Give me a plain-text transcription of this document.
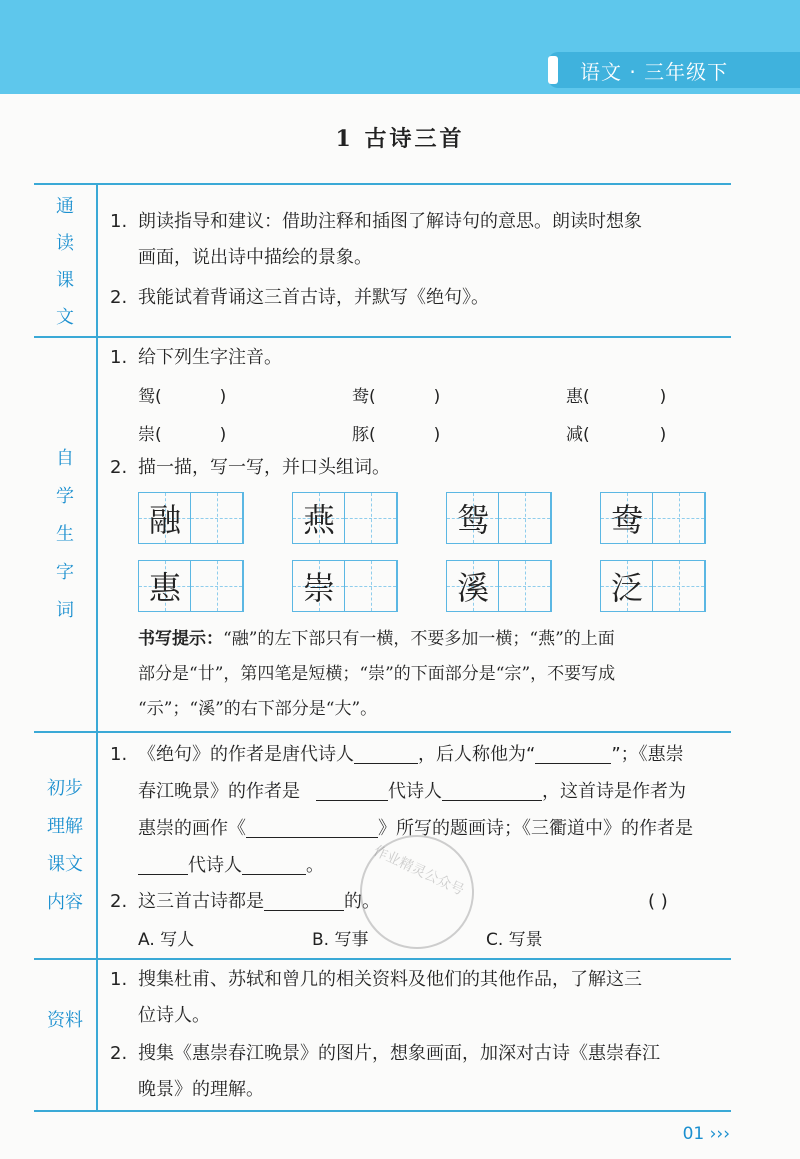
语文 · 三年级下
1 古诗三首
通
读
课
文
1. 朗读指导和建议：借助注释和插图了解诗句的意思。朗读时想象
画面，说出诗中描绘的景象。
2. 我能试着背诵这三首古诗，并默写《绝句》。
自
学
生
字
词
1. 给下列生字注音。
鸳(	)	鸯(	)	惠(	)
崇(	)	豚(	)	减(	)
2. 描一描，写一写，并口头组词。
融	燕	鸳	鸯
惠	崇	溪	泛
书写提示：“融”的左下部只有一横，不要多加一横；“燕”的上面
部分是“廿”，第四笔是短横；“崇”的下面部分是“宗”，不要写成
“示”；“溪”的右下部分是“大”。
初步
理解
课文
内容
1. 《绝句》的作者是唐代诗人	，后人称他为“	”；《惠崇
春江晚景》的作者是	代诗人	，这首诗是作者为
惠崇的画作《	》所写的题画诗；《三衢道中》的作者是
代诗人	。
2. 这三首古诗都是	的。	( )
A. 写人	B. 写事	C. 写景
作业精灵公众号
资料
1. 搜集杜甫、苏轼和曾几的相关资料及他们的其他作品，了解这三
位诗人。
2. 搜集《惠崇春江晚景》的图片，想象画面，加深对古诗《惠崇春江
晚景》的理解。
01 ›››
